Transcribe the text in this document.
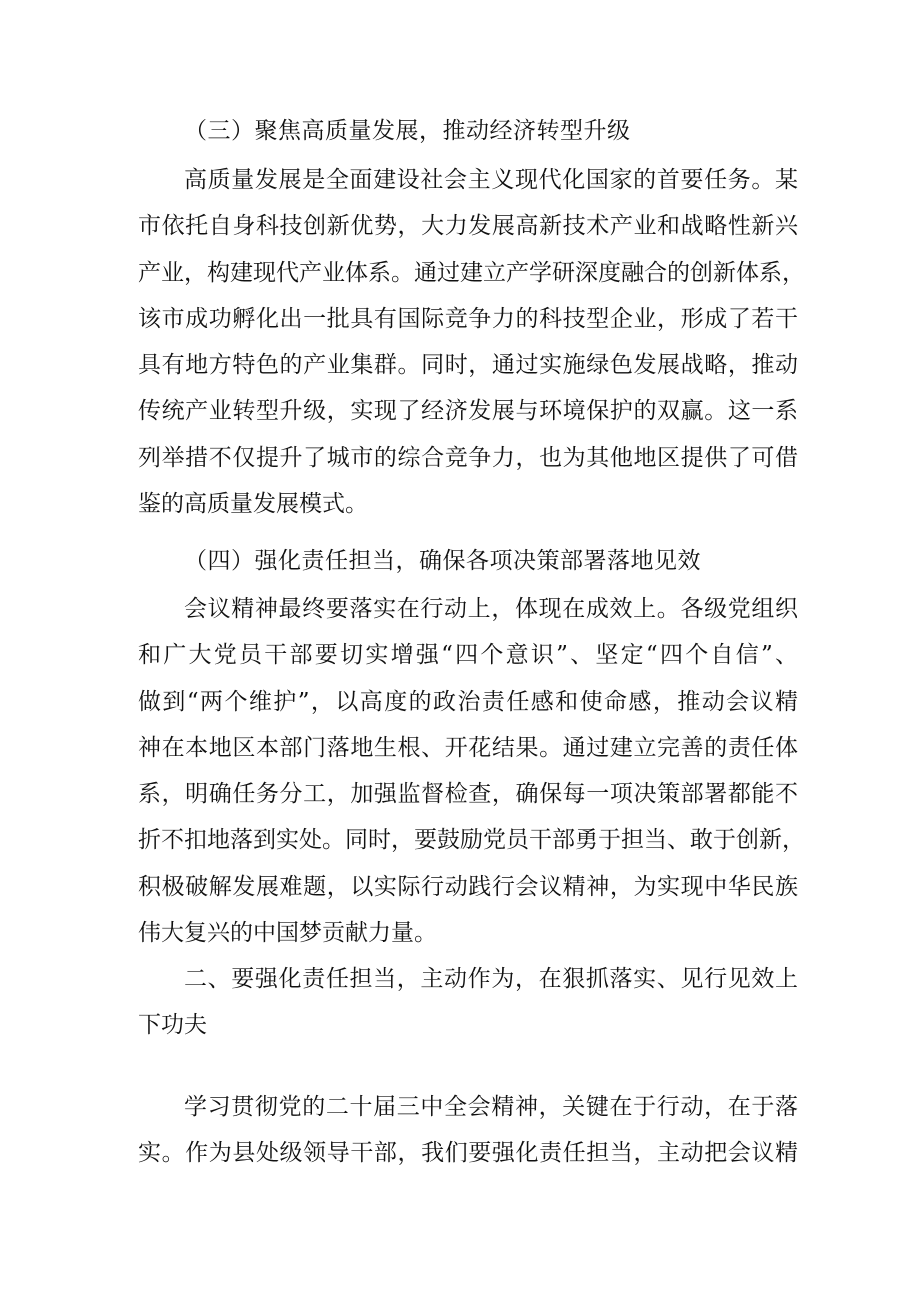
（三）聚焦高质量发展，推动经济转型升级
高质量发展是全面建设社会主义现代化国家的首要任务。某
市依托自身科技创新优势，大力发展高新技术产业和战略性新兴
产业，构建现代产业体系。通过建立产学研深度融合的创新体系，
该市成功孵化出一批具有国际竞争力的科技型企业，形成了若干
具有地方特色的产业集群。同时，通过实施绿色发展战略，推动
传统产业转型升级，实现了经济发展与环境保护的双赢。这一系
列举措不仅提升了城市的综合竞争力，也为其他地区提供了可借
鉴的高质量发展模式。
（四）强化责任担当，确保各项决策部署落地见效
会议精神最终要落实在行动上，体现在成效上。各级党组织
和广大党员干部要切实增强“四个意识”、坚定“四个自信”、
做到“两个维护”，以高度的政治责任感和使命感，推动会议精
神在本地区本部门落地生根、开花结果。通过建立完善的责任体
系，明确任务分工，加强监督检查，确保每一项决策部署都能不
折不扣地落到实处。同时，要鼓励党员干部勇于担当、敢于创新，
积极破解发展难题，以实际行动践行会议精神，为实现中华民族
伟大复兴的中国梦贡献力量。
二、要强化责任担当，主动作为，在狠抓落实、见行见效上
下功夫
学习贯彻党的二十届三中全会精神，关键在于行动，在于落
实。作为县处级领导干部，我们要强化责任担当，主动把会议精
